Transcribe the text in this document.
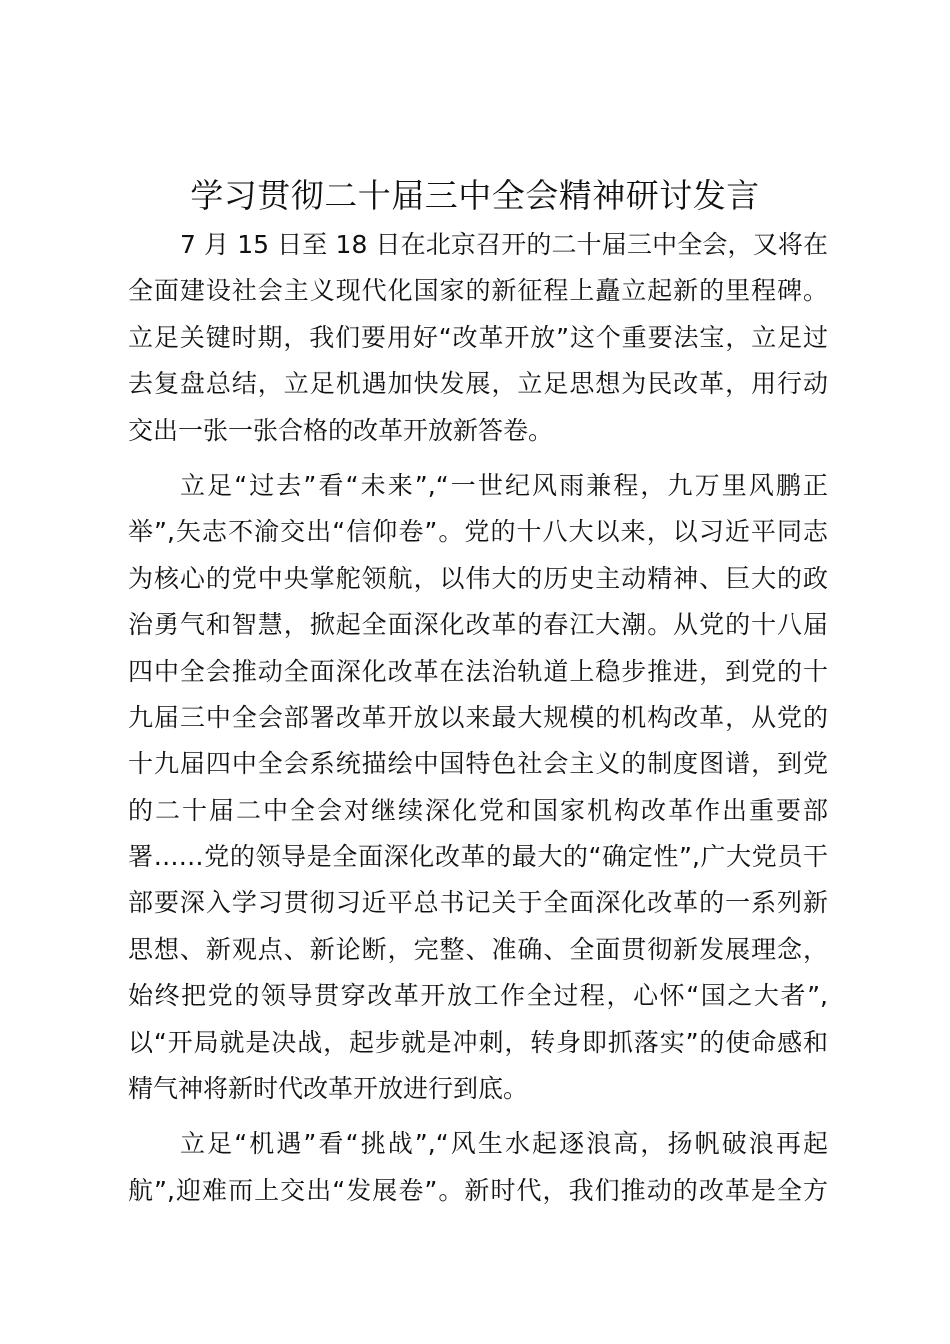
学习贯彻二十届三中全会精神研讨发言
7 月 15 日至 18 日在北京召开的二十届三中全会，又将在
全面建设社会主义现代化国家的新征程上矗立起新的里程碑。
立足关键时期，我们要用好“改革开放”这个重要法宝，立足过
去复盘总结，立足机遇加快发展，立足思想为民改革，用行动
交出一张一张合格的改革开放新答卷。
立足“过去”看“未来”,“一世纪风雨兼程，九万里风鹏正
举”,矢志不渝交出“信仰卷”。党的十八大以来，以习近平同志
为核心的党中央掌舵领航，以伟大的历史主动精神、巨大的政
治勇气和智慧，掀起全面深化改革的春江大潮。从党的十八届
四中全会推动全面深化改革在法治轨道上稳步推进，到党的十
九届三中全会部署改革开放以来最大规模的机构改革，从党的
十九届四中全会系统描绘中国特色社会主义的制度图谱，到党
的二十届二中全会对继续深化党和国家机构改革作出重要部
署……党的领导是全面深化改革的最大的“确定性”,广大党员干
部要深入学习贯彻习近平总书记关于全面深化改革的一系列新
思想、新观点、新论断，完整、准确、全面贯彻新发展理念，
始终把党的领导贯穿改革开放工作全过程，心怀“国之大者”,
以“开局就是决战，起步就是冲刺，转身即抓落实”的使命感和
精气神将新时代改革开放进行到底。
立足“机遇”看“挑战”,“风生水起逐浪高，扬帆破浪再起
航”,迎难而上交出“发展卷”。新时代，我们推动的改革是全方
